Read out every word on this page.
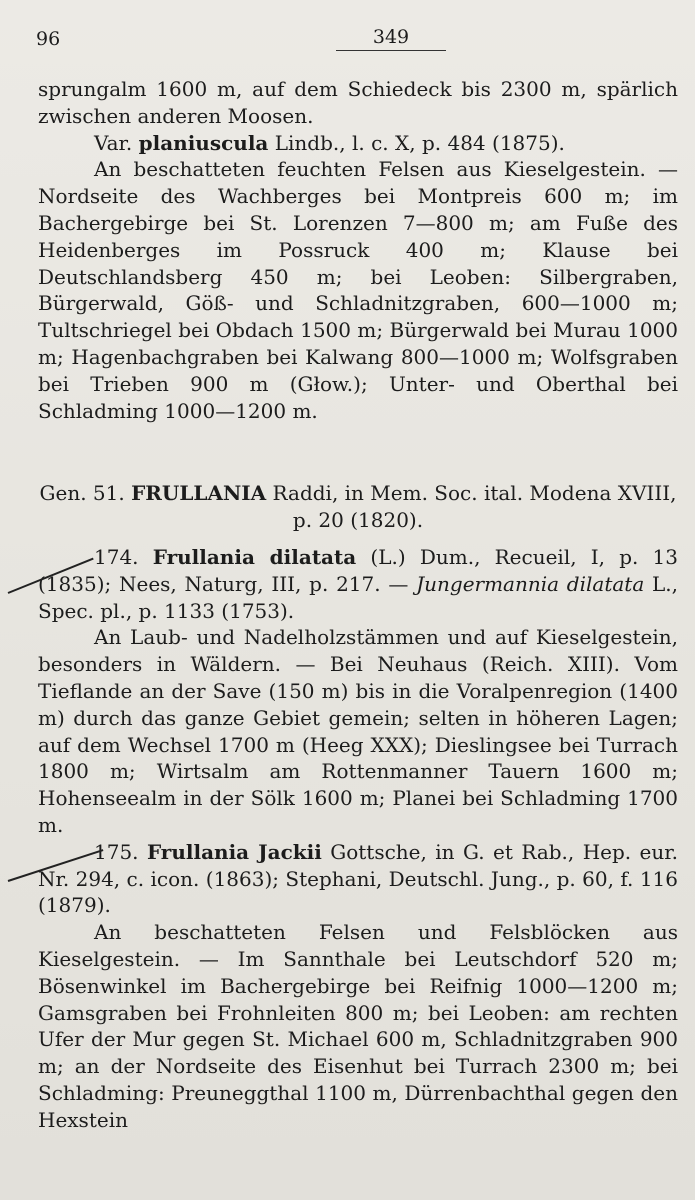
96	349

sprungalm 1600 m, auf dem Schiedeck bis 2300 m, spärlich zwischen anderen Moosen.

Var. planiuscula Lindb., l. c. X, p. 484 (1875).

An beschatteten feuchten Felsen aus Kieselgestein. — Nordseite des Wachberges bei Montpreis 600 m; im Bachergebirge bei St. Lorenzen 7—800 m; am Fuße des Heidenberges im Possruck 400 m; Klause bei Deutschlandsberg 450 m; bei Leoben: Silbergraben, Bürgerwald, Göß- und Schladnitzgraben, 600—1000 m; Tultschriegel bei Obdach 1500 m; Bürgerwald bei Murau 1000 m; Hagenbachgraben bei Kalwang 800—1000 m; Wolfsgraben bei Trieben 900 m (Głow.); Unter- und Oberthal bei Schladming 1000—1200 m.

Gen. 51. FRULLANIA Raddi, in Mem. Soc. ital. Modena XVIII,

p. 20 (1820).

174. Frullania dilatata (L.) Dum., Recueil, I, p. 13 (1835); Nees, Naturg, III, p. 217. — Jungermannia dilatata L., Spec. pl., p. 1133 (1753).

An Laub- und Nadelholzstämmen und auf Kieselgestein, besonders in Wäldern. — Bei Neuhaus (Reich. XIII). Vom Tieflande an der Save (150 m) bis in die Voralpenregion (1400 m) durch das ganze Gebiet gemein; selten in höheren Lagen; auf dem Wechsel 1700 m (Heeg XXX); Dieslingsee bei Turrach 1800 m; Wirtsalm am Rottenmanner Tauern 1600 m; Hohenseealm in der Sölk 1600 m; Planei bei Schladming 1700 m.

175. Frullania Jackii Gottsche, in G. et Rab., Hep. eur. Nr. 294, c. icon. (1863); Stephani, Deutschl. Jung., p. 60, f. 116 (1879).

An beschatteten Felsen und Felsblöcken aus Kieselgestein. — Im Sannthale bei Leutschdorf 520 m; Bösenwinkel im Bachergebirge bei Reifnig 1000—1200 m; Gamsgraben bei Frohnleiten 800 m; bei Leoben: am rechten Ufer der Mur gegen St. Michael 600 m, Schladnitzgraben 900 m; an der Nordseite des Eisenhut bei Turrach 2300 m; bei Schladming: Preuneggthal 1100 m, Dürrenbachthal gegen den Hexstein
